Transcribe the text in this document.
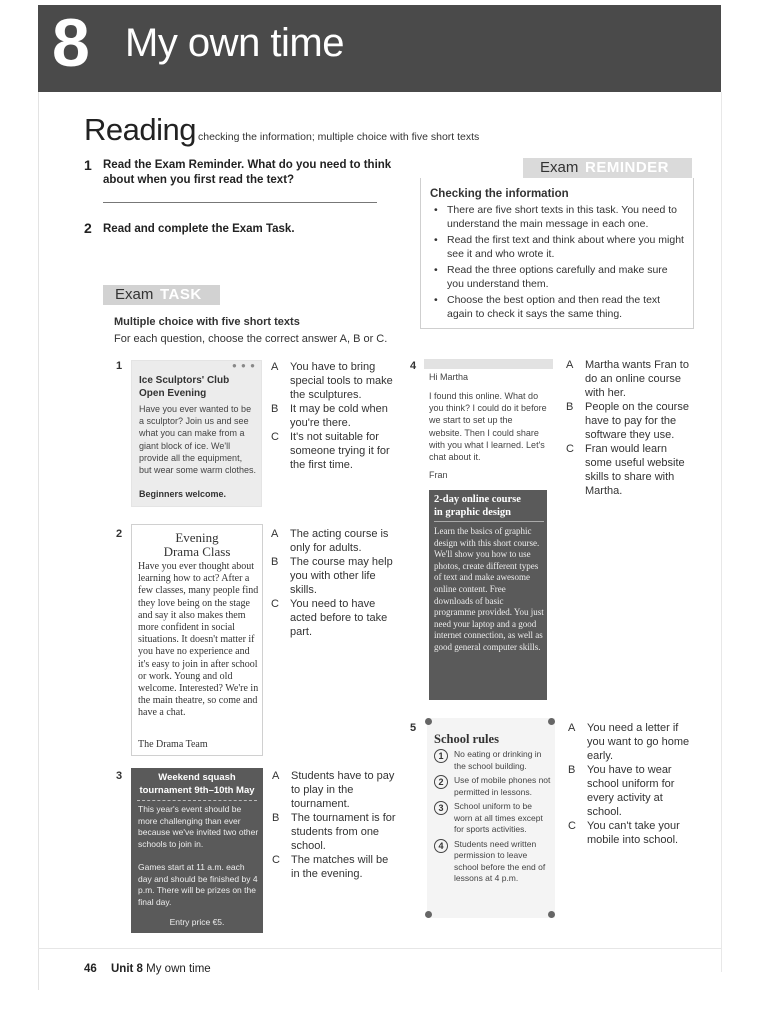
8 My own time
Reading checking the information; multiple choice with five short texts
1 Read the Exam Reminder. What do you need to think about when you first read the text?
2 Read and complete the Exam Task.
Exam REMINDER
Checking the information
• There are five short texts in this task. You need to understand the main message in each one.
• Read the first text and think about where you might see it and who wrote it.
• Read the three options carefully and make sure you understand them.
• Choose the best option and then read the text again to check it says the same thing.
Exam TASK
Multiple choice with five short texts
For each question, choose the correct answer A, B or C.
1	● ● ●
Ice Sculptors' Club
Open Evening
Have you ever wanted to be a sculptor? Join us and see what you can make from a giant block of ice. We'll provide all the equipment, but wear some warm clothes.
Beginners welcome.
A	You have to bring special tools to make the sculptures.
B	It may be cold when you're there.
C	It's not suitable for someone trying it for the first time.
2	Evening
Drama Class
Have you ever thought about learning how to act? After a few classes, many people find they love being on the stage and say it also makes them more confident in social situations. It doesn't matter if you have no experience and it's easy to join in after school or work. Young and old welcome. Interested? We're in the main theatre, so come and have a chat.
The Drama Team
A	The acting course is only for adults.
B	The course may help you with other life skills.
C	You need to have acted before to take part.
3	Weekend squash
tournament 9th–10th May
This year's event should be more challenging than ever because we've invited two other schools to join in.
Games start at 11 a.m. each day and should be finished by 4 p.m. There will be prizes on the final day.
Entry price €5.
A	Students have to pay to play in the tournament.
B	The tournament is for students from one school.
C	The matches will be in the evening.
4
Hi Martha
I found this online. What do you think? I could do it before we start to set up the website. Then I could share with you what I learned. Let's chat about it.
Fran
2-day online course
in graphic design
Learn the basics of graphic design with this short course. We'll show you how to use photos, create different types of text and make awesome online content. Free downloads of basic programme provided. You just need your laptop and a good internet connection, as well as good general computer skills.
A	Martha wants Fran to do an online course with her.
B	People on the course have to pay for the software they use.
C	Fran would learn some useful website skills to share with Martha.
5
School rules
1	No eating or drinking in the school building.
2	Use of mobile phones not permitted in lessons.
3	School uniform to be worn at all times except for sports activities.
4	Students need written permission to leave school before the end of lessons at 4 p.m.
A	You need a letter if you want to go home early.
B	You have to wear school uniform for every activity at school.
C	You can't take your mobile into school.
46 Unit 8 My own time
